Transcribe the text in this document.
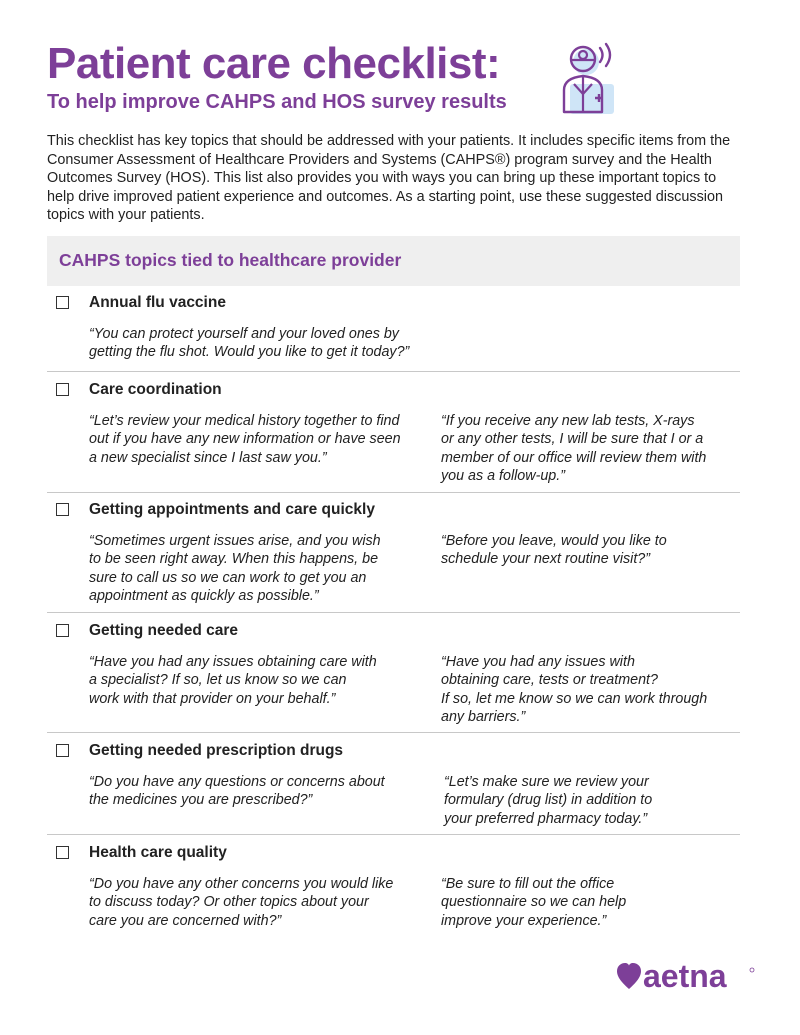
Patient care checklist:
To help improve CAHPS and HOS survey results

This checklist has key topics that should be addressed with your patients. It includes specific items from the Consumer Assessment of Healthcare Providers and Systems (CAHPS®) program survey and the Health Outcomes Survey (HOS). This list also provides you with ways you can bring up these important topics to help drive improved patient experience and outcomes. As a starting point, use these suggested discussion topics with your patients.

CAHPS topics tied to healthcare provider
Annual flu vaccine
“You can protect yourself and your loved ones by
getting the flu shot. Would you like to get it today?”
Care coordination
“Let’s review your medical history together to find
out if you have any new information or have seen
a new specialist since I last saw you.”
“If you receive any new lab tests, X-rays
or any other tests, I will be sure that I or a
member of our office will review them with
you as a follow-up.”
Getting appointments and care quickly
“Sometimes urgent issues arise, and you wish
to be seen right away. When this happens, be
sure to call us so we can work to get you an
appointment as quickly as possible.”
“Before you leave, would you like to
schedule your next routine visit?”
Getting needed care
“Have you had any issues obtaining care with
a specialist? If so, let us know so we can
work with that provider on your behalf.”
“Have you had any issues with
obtaining care, tests or treatment?
If so, let me know so we can work through
any barriers.”
Getting needed prescription drugs
“Do you have any questions or concerns about
the medicines you are prescribed?”
“Let’s make sure we review your
formulary (drug list) in addition to
your preferred pharmacy today.”
Health care quality
“Do you have any other concerns you would like
to discuss today? Or other topics about your
care you are concerned with?”
“Be sure to fill out the office
questionnaire so we can help
improve your experience.”
aetna
